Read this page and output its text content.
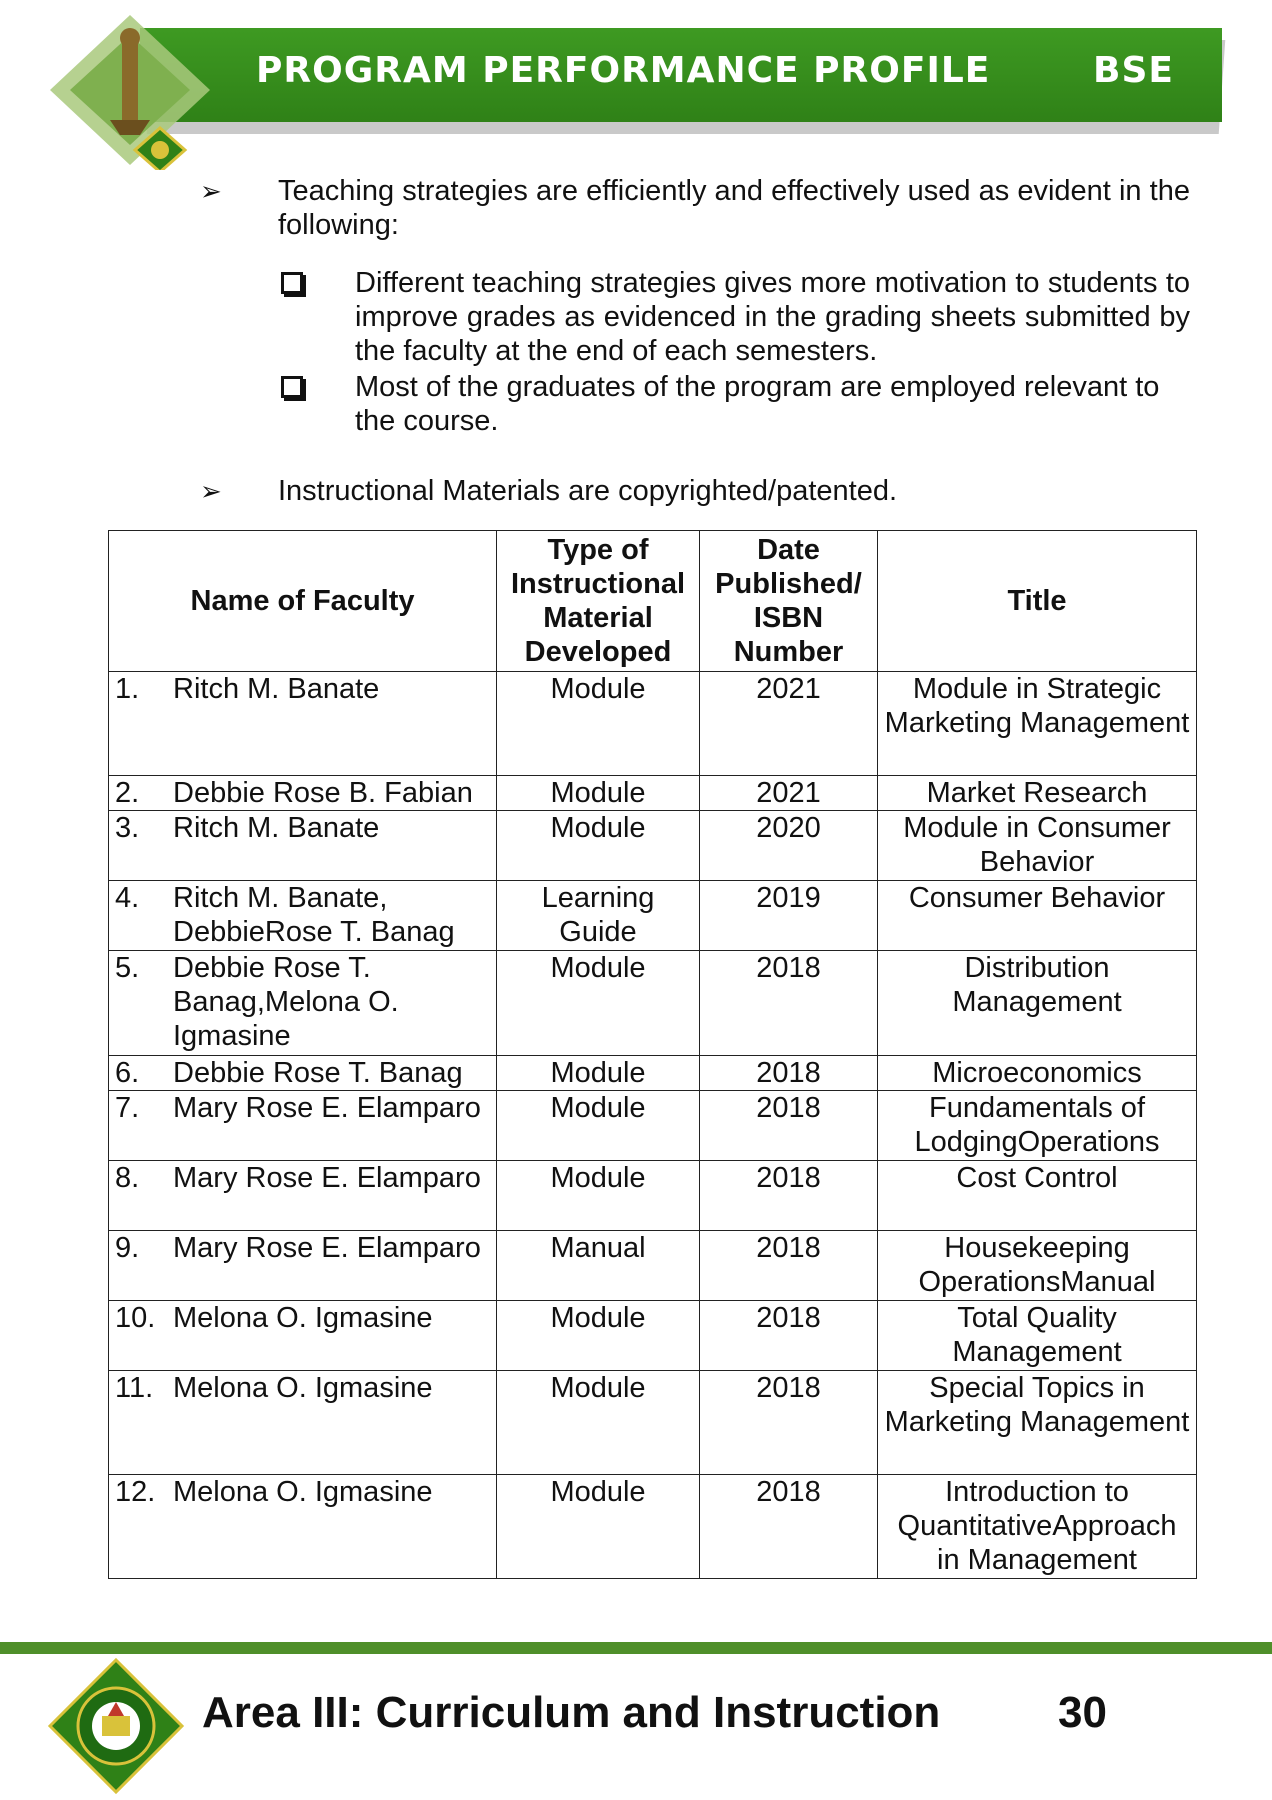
PROGRAM PERFORMANCE PROFILE	BSE
➢ Teaching strategies are efficiently and effectively used as evident in the following:
Different teaching strategies gives more motivation to students to improve grades as evidenced in the grading sheets submitted by the faculty at the end of each semesters.
Most of the graduates of the program are employed relevant to the course.
➢ Instructional Materials are copyrighted/patented.
Name of Faculty	Type of Instructional Material Developed	Date Published/ ISBN Number	Title
1. Ritch M. Banate	Module	2021	Module in Strategic Marketing Management
2. Debbie Rose B. Fabian	Module	2021	Market Research
3. Ritch M. Banate	Module	2020	Module in Consumer Behavior
4. Ritch M. Banate, DebbieRose T. Banag	Learning Guide	2019	Consumer Behavior
5. Debbie Rose T. Banag,Melona O. Igmasine	Module	2018	Distribution Management
6. Debbie Rose T. Banag	Module	2018	Microeconomics
7. Mary Rose E. Elamparo	Module	2018	Fundamentals of LodgingOperations
8. Mary Rose E. Elamparo	Module	2018	Cost Control
9. Mary Rose E. Elamparo	Manual	2018	Housekeeping OperationsManual
10. Melona O. Igmasine	Module	2018	Total Quality Management
11. Melona O. Igmasine	Module	2018	Special Topics in Marketing Management
12. Melona O. Igmasine	Module	2018	Introduction to QuantitativeApproach in Management
Area III: Curriculum and Instruction	30
